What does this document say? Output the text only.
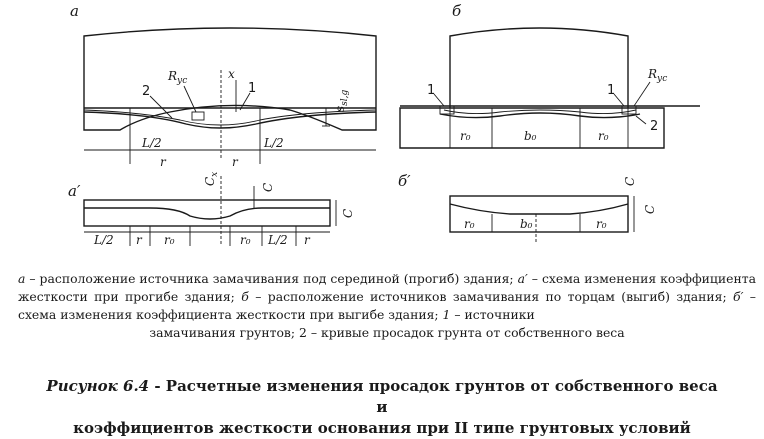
а
2	1
$R_{ус}$	x
$s_{sl,g}$
L/2	L/2
r	r
а′
$C_x$
C
C
L/2 r r₀	r₀ L/2 r
б
1	1
2
$R_{ус}$
r₀	b₀	r₀
б′	C
C
r₀	b₀	r₀

а – расположение источника замачивания под серединой (прогиб) здания; а′ – схема изменения коэффициента жесткости при прогибе здания; б – расположение источников замачивания по торцам (выгиб) здания; б′ – схема изменения коэффициента жесткости при выгибе здания; 1 – источники
замачивания грунтов; 2 – кривые просадок грунта от собственного веса

Рисунок 6.4 - Расчетные изменения просадок грунтов от собственного веса и
коэффициентов жесткости основания при II типе грунтовых условий
